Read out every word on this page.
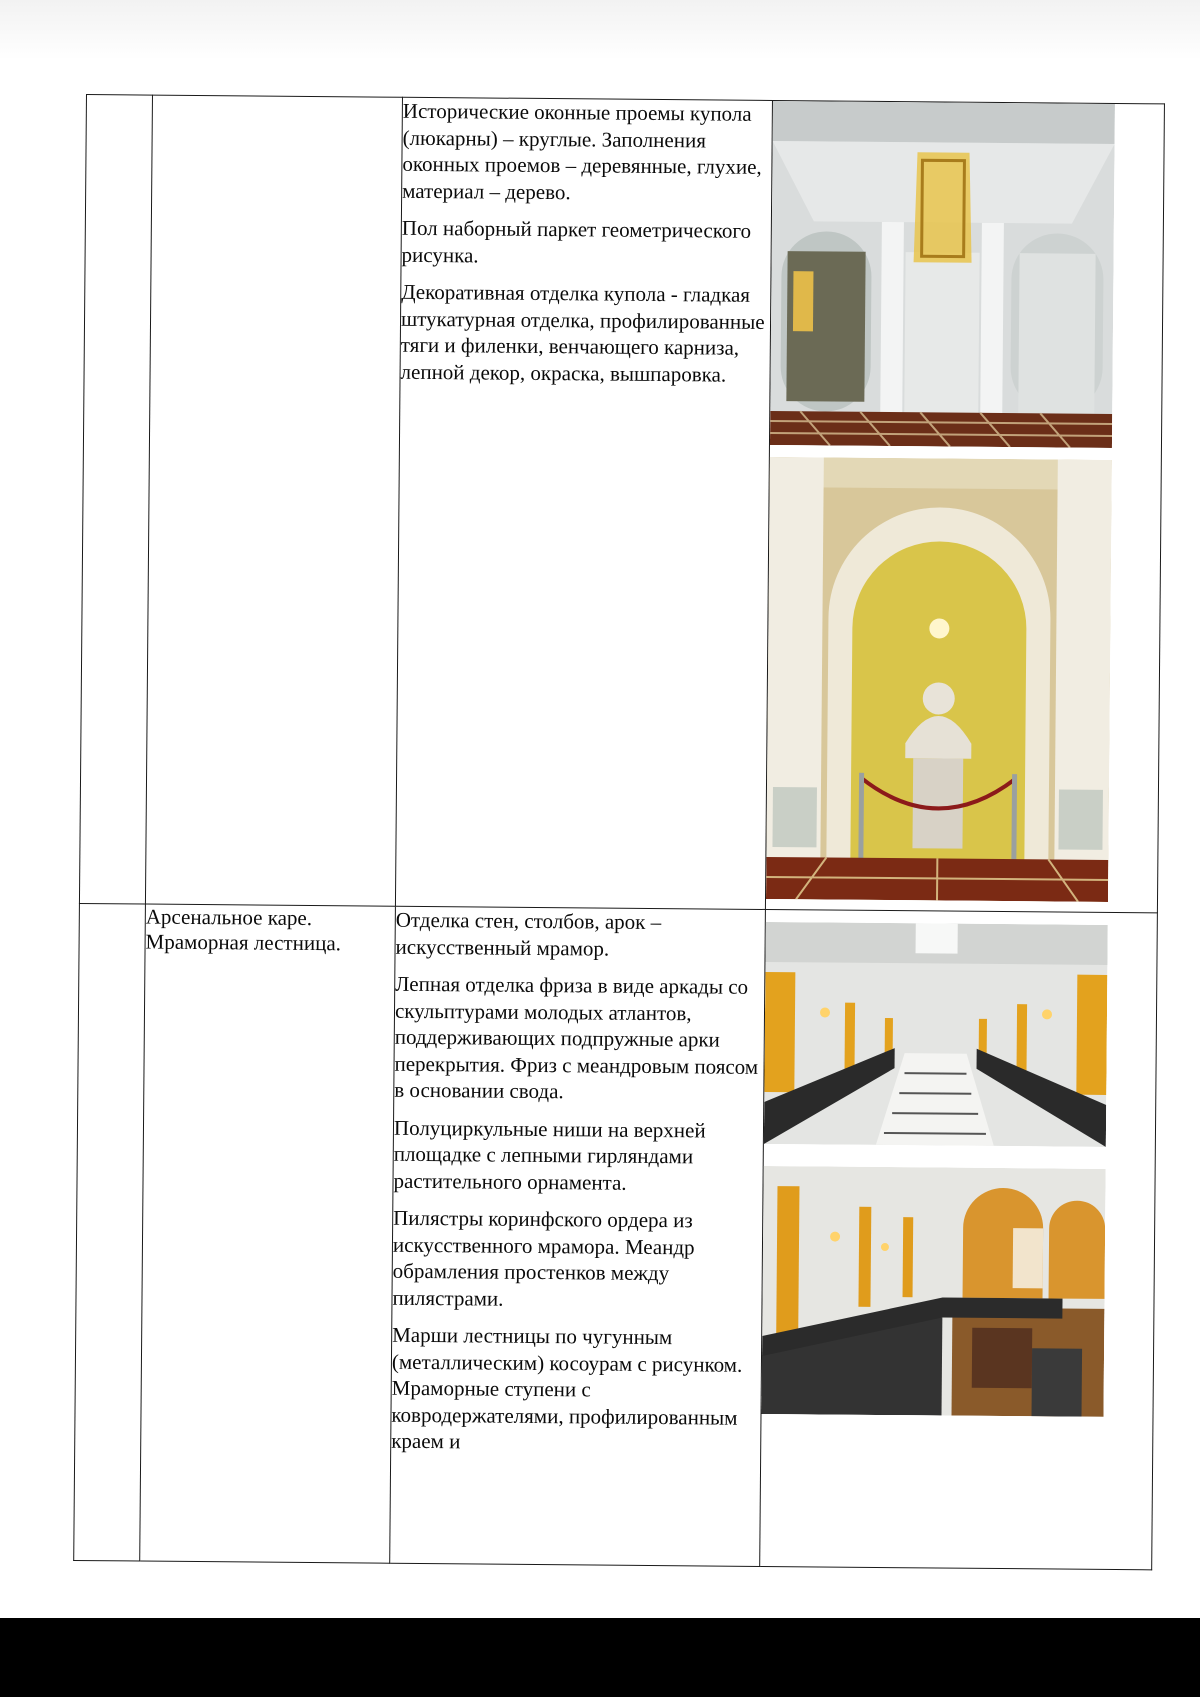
		Исторические оконные проемы купола (люкарны) – круглые. Заполнения оконных проемов – деревянные, глухие, материал – дерево.

Пол наборный паркет геометрического рисунка.

Декоративная отделка купола - гладкая штукатурная отделка, профилированные тяги и филенки, венчающего карниза, лепной декор, окраска, вышпаровка.

	Арсенальное каре. Мраморная лестница.	Отделка стен, столбов, арок – искусственный мрамор.

Лепная отделка фриза в виде аркады со скульптурами молодых атлантов, поддерживающих подпружные арки перекрытия. Фриз с меандровым поясом в основании свода.

Полуциркульные ниши на верхней площадке с лепными гирляндами растительного орнамента.

Пилястры коринфского ордера из искусственного мрамора. Меандр обрамления простенков между пилястрами.

Марши лестницы по чугунным (металлическим) косоурам с рисунком. Мраморные ступени с ковродержателями, профилированным краем и
